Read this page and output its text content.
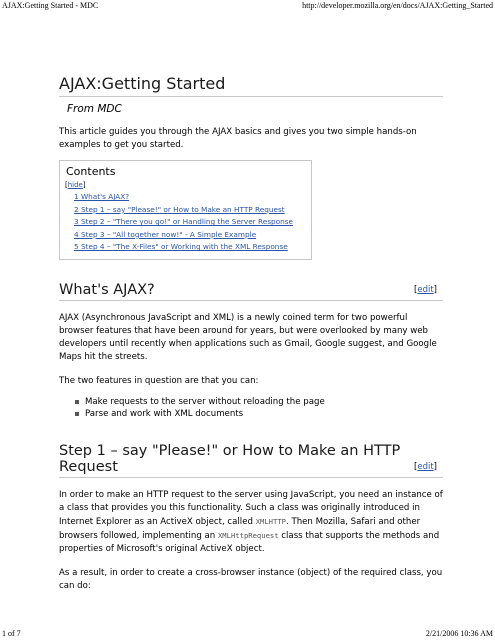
AJAX:Getting Started - MDC	http://developer.mozilla.org/en/docs/AJAX:Getting_Started
AJAX:Getting Started
From MDC

This article guides you through the AJAX basics and gives you two simple hands-on examples to get you started.

Contents
[hide]
1 What's AJAX?
2 Step 1 – say "Please!" or How to Make an HTTP Request
3 Step 2 – "There you go!" or Handling the Server Response
4 Step 3 – "All together now!" - A Simple Example
5 Step 4 – "The X-Files" or Working with the XML Response
What's AJAX?	[edit]

AJAX (Asynchronous JavaScript and XML) is a newly coined term for two powerful browser features that have been around for years, but were overlooked by many web developers until recently when applications such as Gmail, Google suggest, and Google Maps hit the streets.

The two features in question are that you can:

Make requests to the server without reloading the page
Parse and work with XML documents
Step 1 – say "Please!" or How to Make an HTTP Request	[edit]

In order to make an HTTP request to the server using JavaScript, you need an instance of a class that provides you this functionality. Such a class was originally introduced in Internet Explorer as an ActiveX object, called XMLHTTP. Then Mozilla, Safari and other browsers followed, implementing an XMLHttpRequest class that supports the methods and properties of Microsoft's original ActiveX object.

As a result, in order to create a cross-browser instance (object) of the required class, you can do:

1 of 7	2/21/2006 10:36 AM
